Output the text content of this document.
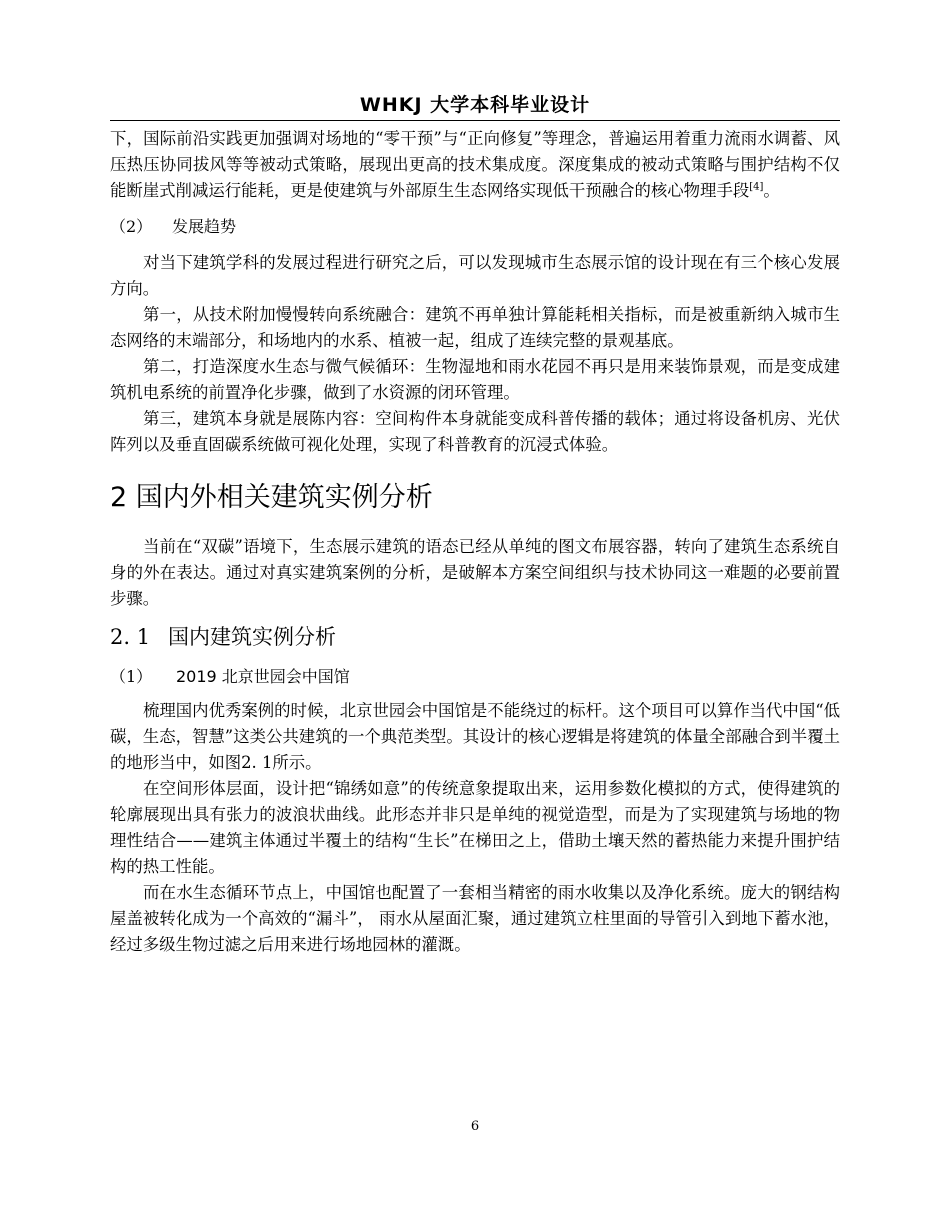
WHKJ 大学本科毕业设计

下，国际前沿实践更加强调对场地的“零干预”与“正向修复”等理念，普遍运用着重力流雨水调蓄、风压热压协同拔风等等被动式策略，展现出更高的技术集成度。深度集成的被动式策略与围护结构不仅能断崖式削减运行能耗，更是使建筑与外部原生生态网络实现低干预融合的核心物理手段[4]。

（2） 发展趋势

对当下建筑学科的发展过程进行研究之后，可以发现城市生态展示馆的设计现在有三个核心发展方向。

第一，从技术附加慢慢转向系统融合：建筑不再单独计算能耗相关指标，而是被重新纳入城市生态网络的末端部分，和场地内的水系、植被一起，组成了连续完整的景观基底。

第二，打造深度水生态与微气候循环：生物湿地和雨水花园不再只是用来装饰景观，而是变成建筑机电系统的前置净化步骤，做到了水资源的闭环管理。

第三，建筑本身就是展陈内容：空间构件本身就能变成科普传播的载体；通过将设备机房、光伏阵列以及垂直固碳系统做可视化处理，实现了科普教育的沉浸式体验。

2 国内外相关建筑实例分析

当前在“双碳”语境下，生态展示建筑的语态已经从单纯的图文布展容器，转向了建筑生态系统自身的外在表达。通过对真实建筑案例的分析，是破解本方案空间组织与技术协同这一难题的必要前置步骤。

2. 1 国内建筑实例分析

（1） 2019 北京世园会中国馆

梳理国内优秀案例的时候，北京世园会中国馆是不能绕过的标杆。这个项目可以算作当代中国“低碳，生态，智慧”这类公共建筑的一个典范类型。其设计的核心逻辑是将建筑的体量全部融合到半覆土的地形当中，如图2. 1所示。

在空间形体层面，设计把“锦绣如意”的传统意象提取出来，运用参数化模拟的方式，使得建筑的轮廓展现出具有张力的波浪状曲线。此形态并非只是单纯的视觉造型，而是为了实现建筑与场地的物理性结合——建筑主体通过半覆土的结构“生长”在梯田之上，借助土壤天然的蓄热能力来提升围护结构的热工性能。

而在水生态循环节点上，中国馆也配置了一套相当精密的雨水收集以及净化系统。庞大的钢结构屋盖被转化成为一个高效的“漏斗”， 雨水从屋面汇聚，通过建筑立柱里面的导管引入到地下蓄水池，经过多级生物过滤之后用来进行场地园林的灌溉。

6
